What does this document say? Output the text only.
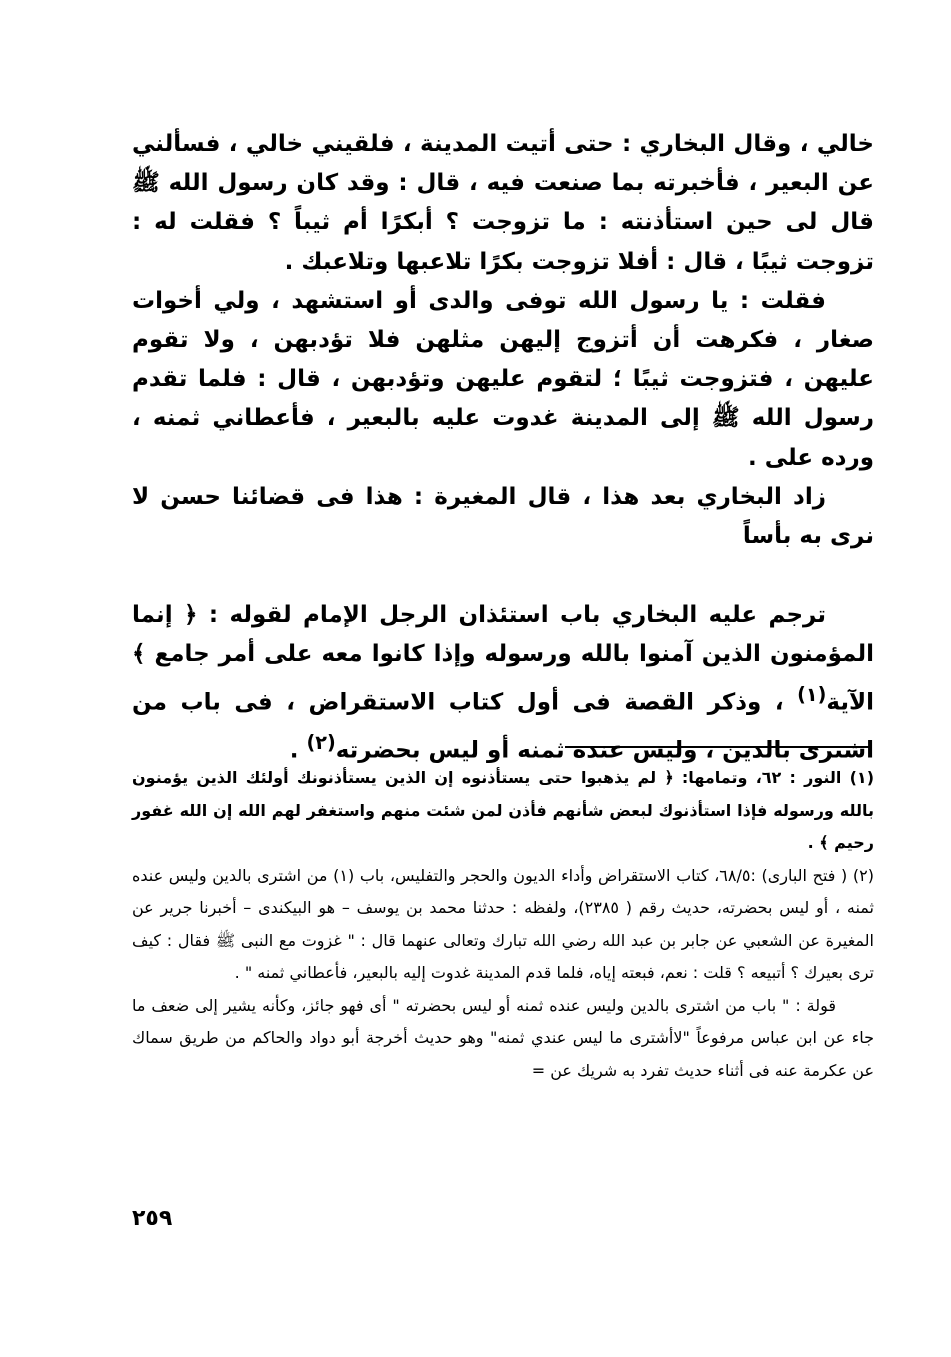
خالي ، وقال البخاري : حتى أتيت المدينة ، فلقيني خالي ، فسألني عن البعير ، فأخبرته بما صنعت فيه ، قال : وقد كان رسول الله ﷺ قال لى حين استأذنته : ما تزوجت ؟ أبكرًا أم ثيباً ؟ فقلت له : تزوجت ثيبًا ، قال : أفلا تزوجت بكرًا تلاعبها وتلاعبك .

فقلت : يا رسول الله توفى والدى أو استشهد ، ولي أخوات صغار ، فكرهت أن أتزوج إليهن مثلهن فلا تؤدبهن ، ولا تقوم عليهن ، فتزوجت ثيبًا ؛ لتقوم عليهن وتؤدبهن ، قال : فلما تقدم رسول الله ﷺ إلى المدينة غدوت عليه بالبعير ، فأعطاني ثمنه ، ورده على .

زاد البخاري بعد هذا ، قال المغيرة : هذا فى قضائنا حسن لا نرى به بأساً

ترجم عليه البخاري باب استئذان الرجل الإمام لقوله : ﴿ إنما المؤمنون الذين آمنوا بالله ورسوله وإذا كانوا معه على أمر جامع ﴾ الآية$^{(١)}$ ، وذكر القصة فى أول كتاب الاستقراض ، فى باب من اشترى بالدين ، وليس عنده ثمنه أو ليس بحضرته$^{(٢)}$ .

(١) النور : ٦٢، وتمامها: ﴿ لم يذهبوا حتى يستأذنوه إن الذين يستأذنونك أولئك الذين يؤمنون بالله ورسوله فإذا استأذنوك لبعض شأنهم فأذن لمن شئت منهم واستغفر لهم الله إن الله غفور رحيم ﴾ .

(٢) ( فتح البارى) :٦٨/٥، كتاب الاستقراض وأداء الديون والحجر والتفليس، باب (١) من اشترى بالدين وليس عنده ثمنه ، أو ليس بحضرته، حديث رقم ( ٢٣٨٥)، ولفظه : حدثنا محمد بن يوسف – هو البيكندى – أخبرنا جرير عن المغيرة عن الشعبي عن جابر بن عبد الله رضي الله تبارك وتعالى عنهما قال : " غزوت مع النبى ﷺ فقال : كيف ترى بعيرك ؟ أتبيعه ؟ قلت : نعم، فبعته إياه، فلما قدم المدينة غدوت إليه بالبعير، فأعطاني ثمنه " .

قولة : " باب من اشترى بالدين وليس عنده ثمنه أو ليس بحضرته " أى فهو جائز، وكأنه يشير إلى ضعف ما جاء عن ابن عباس مرفوعاً "لاأشترى ما ليس عندي ثمنه" وهو حديث أخرجة أبو دواد والحاكم من طريق سماك عن عكرمة عنه فى أثناء حديث تفرد به شريك عن =

٢٥٩
